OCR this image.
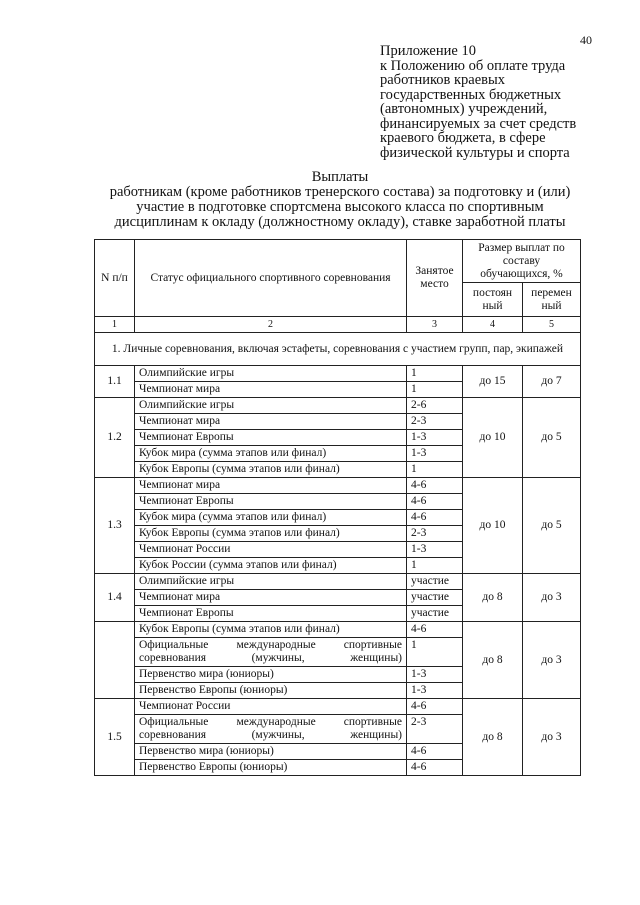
40
Приложение 10
к Положению об оплате труда
работников краевых
государственных бюджетных
(автономных) учреждений,
финансируемых за счет средств
краевого бюджета, в сфере
физической культуры и спорта
Выплаты
работникам (кроме работников тренерского состава) за подготовку и (или)
участие в подготовке спортсмена высокого класса по спортивным
дисциплинам к окладу (должностному окладу), ставке заработной платы
N п/п	Статус официального спортивного соревнования	Занятое место	Размер выплат по составу обучающихся, %	
			постоян ный	перемен ный
1	2	3	4	5
1. Личные соревнования, включая эстафеты, соревнования с участием групп, пар, экипажей				
1.1	Олимпийские игры	1	до 15	до 7
	Чемпионат мира	1		
1.2	Олимпийские игры	2-6	до 10	до 5
	Чемпионат мира	2-3		
	Чемпионат Европы	1-3		
	Кубок мира (сумма этапов или финал)	1-3		
	Кубок Европы (сумма этапов или финал)	1		
1.3	Чемпионат мира	4-6	до 10	до 5
	Чемпионат Европы	4-6		
	Кубок мира (сумма этапов или финал)	4-6		
	Кубок Европы (сумма этапов или финал)	2-3		
	Чемпионат России	1-3		
	Кубок России (сумма этапов или финал)	1		
1.4	Олимпийские игры	участие	до 8	до 3
	Чемпионат мира	участие		
	Чемпионат Европы	участие		
	Кубок Европы (сумма этапов или финал)	4-6	до 8	до 3
	Официальные международные спортивные соревнования (мужчины, женщины)	1		
	Первенство мира (юниоры)	1-3		
	Первенство Европы (юниоры)	1-3		
1.5	Чемпионат России	4-6	до 8	до 3
	Официальные международные спортивные соревнования (мужчины, женщины)	2-3		
	Первенство мира (юниоры)	4-6		
	Первенство Европы (юниоры)	4-6		
